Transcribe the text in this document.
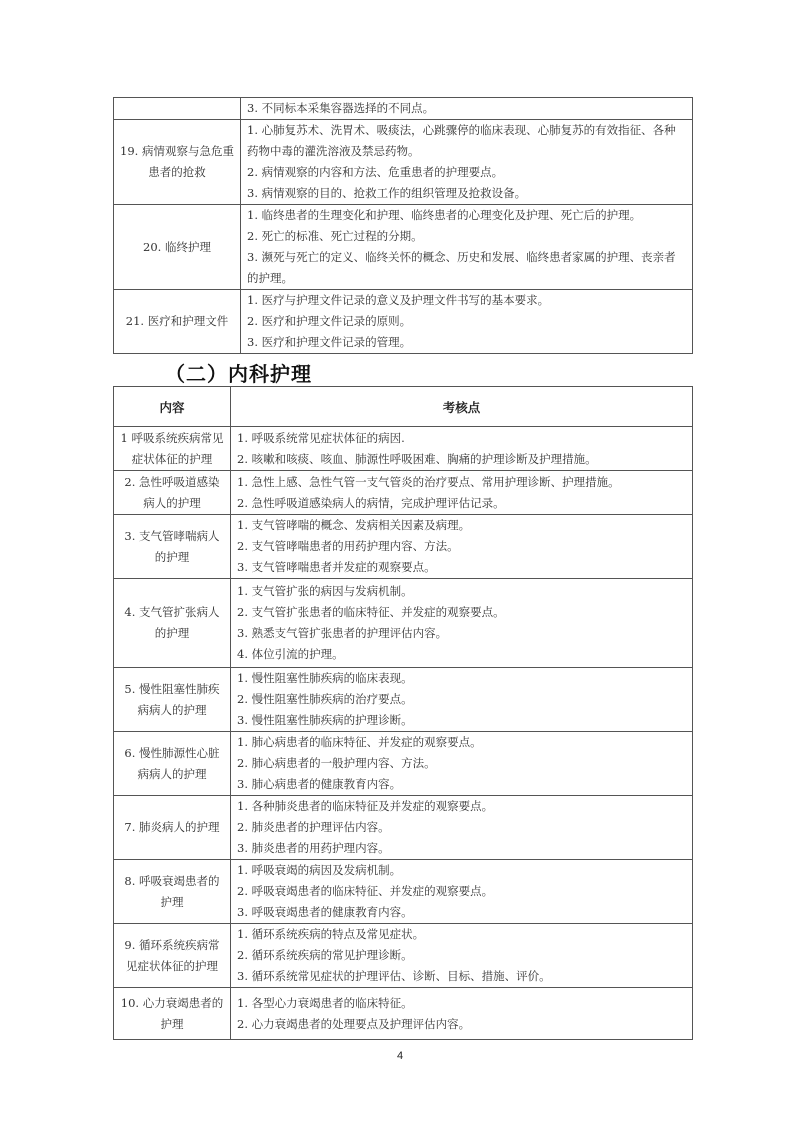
	3. 不同标本采集容器选择的不同点。

19. 病情观察与急危重患者的抢救	1. 心肺复苏术、洗胃术、吸痰法，心跳骤停的临床表现、心肺复苏的有效指征、各种药物中毒的灌洗溶液及禁忌药物。
2. 病情观察的内容和方法、危重患者的护理要点。
3. 病情观察的目的、抢救工作的组织管理及抢救设备。

20. 临终护理	1. 临终患者的生理变化和护理、临终患者的心理变化及护理、死亡后的护理。
2. 死亡的标准、死亡过程的分期。
3. 濒死与死亡的定义、临终关怀的概念、历史和发展、临终患者家属的护理、丧亲者的护理。

21. 医疗和护理文件	1. 医疗与护理文件记录的意义及护理文件书写的基本要求。
2. 医疗和护理文件记录的原则。
3. 医疗和护理文件记录的管理。
（二）内科护理
内容	考核点
1 呼吸系统疾病常见症状体征的护理	1. 呼吸系统常见症状体征的病因.
2. 咳嗽和咳痰、咳血、肺源性呼吸困难、胸痛的护理诊断及护理措施。

2. 急性呼吸道感染病人的护理	1. 急性上感、急性气管一支气管炎的治疗要点、常用护理诊断、护理措施。
2. 急性呼吸道感染病人的病情，完成护理评估记录。

3. 支气管哮喘病人的护理	1. 支气管哮喘的概念、发病相关因素及病理。
2. 支气管哮喘患者的用药护理内容、方法。
3. 支气管哮喘患者并发症的观察要点。

4. 支气管扩张病人的护理	1. 支气管扩张的病因与发病机制。
2. 支气管扩张患者的临床特征、并发症的观察要点。
3. 熟悉支气管扩张患者的护理评估内容。
4. 体位引流的护理。

5. 慢性阻塞性肺疾病病人的护理	1. 慢性阻塞性肺疾病的临床表现。
2. 慢性阻塞性肺疾病的治疗要点。
3. 慢性阻塞性肺疾病的护理诊断。

6. 慢性肺源性心脏病病人的护理	1. 肺心病患者的临床特征、并发症的观察要点。
2. 肺心病患者的一般护理内容、方法。
3. 肺心病患者的健康教育内容。

7. 肺炎病人的护理	1. 各种肺炎患者的临床特征及并发症的观察要点。
2. 肺炎患者的护理评估内容。
3. 肺炎患者的用药护理内容。

8. 呼吸衰竭患者的护理	1. 呼吸衰竭的病因及发病机制。
2. 呼吸衰竭患者的临床特征、并发症的观察要点。
3. 呼吸衰竭患者的健康教育内容。

9. 循环系统疾病常见症状体征的护理	1. 循环系统疾病的特点及常见症状。
2. 循环系统疾病的常见护理诊断。
3. 循环系统常见症状的护理评估、诊断、目标、措施、评价。

10. 心力衰竭患者的护理	1. 各型心力衰竭患者的临床特征。
2. 心力衰竭患者的处理要点及护理评估内容。
4
